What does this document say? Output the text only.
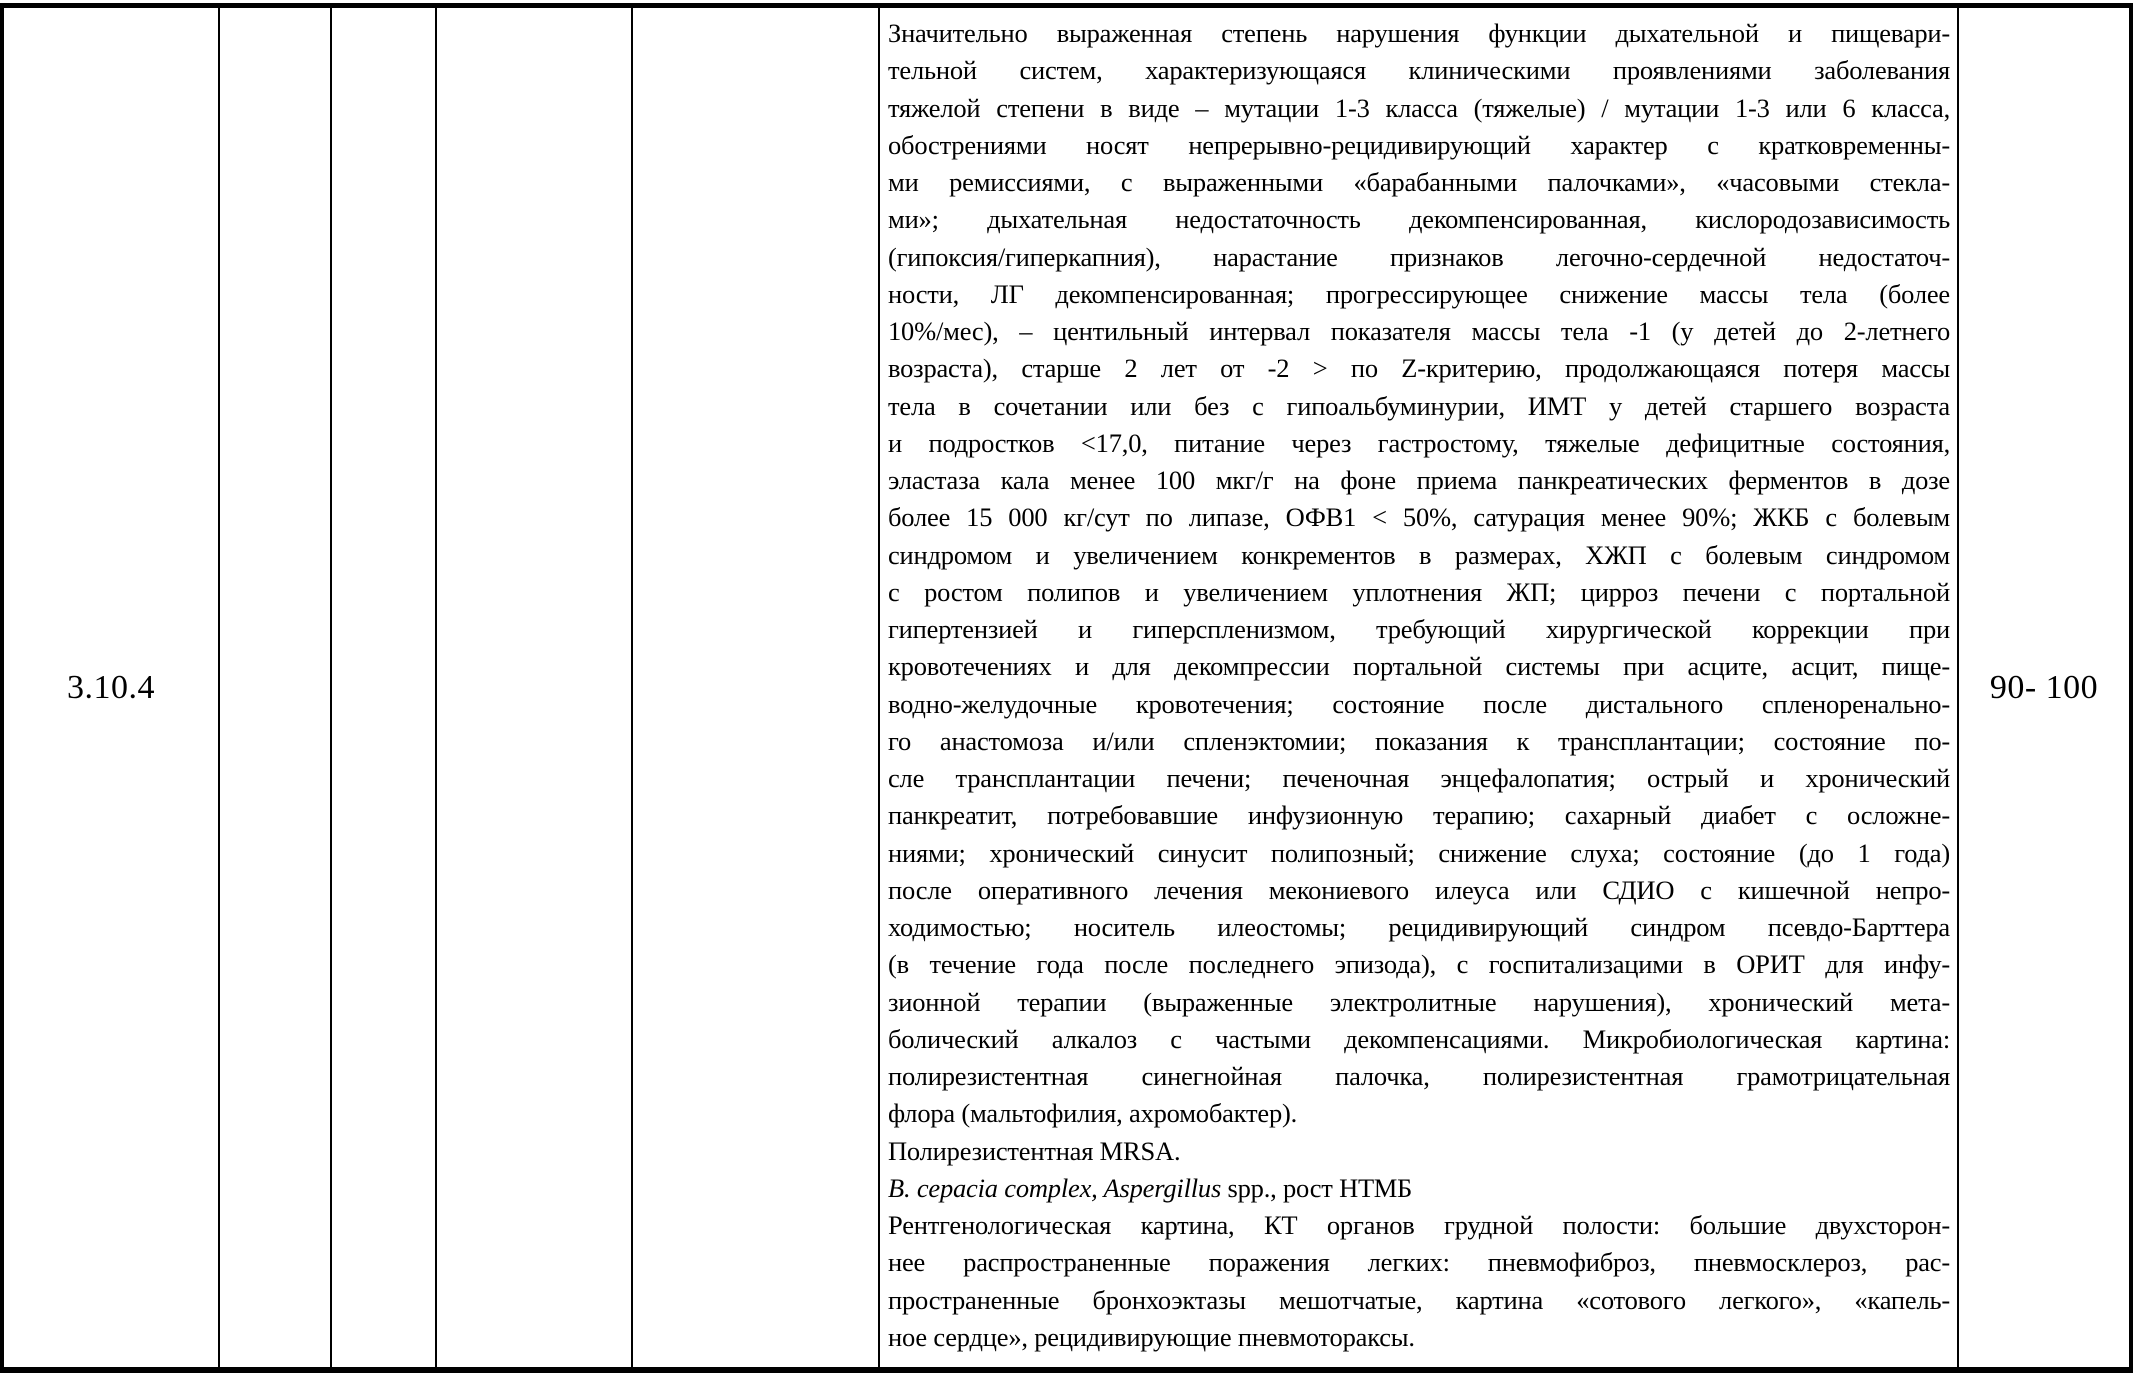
3.10.4
Значительно выраженная степень нарушения функции дыхательной и пищевари-
тельной систем, характеризующаяся клиническими проявлениями заболевания
тяжелой степени в виде – мутации 1-3 класса (тяжелые) / мутации 1-3 или 6 класса,
обострениями носят непрерывно-рецидивирующий характер с кратковременны-
ми ремиссиями, с выраженными «барабанными палочками», «часовыми стекла-
ми»; дыхательная недостаточность декомпенсированная, кислородозависимость
(гипоксия/гиперкапния), нарастание признаков легочно-сердечной недостаточ-
ности, ЛГ декомпенсированная; прогрессирующее снижение массы тела (более
10%/мес), – центильный интервал показателя массы тела -1 (у детей до 2-летнего
возраста), старше 2 лет от -2 > по Z-критерию, продолжающаяся потеря массы
тела в сочетании или без с гипоальбуминурии, ИМТ у детей старшего возраста
и подростков <17,0, питание через гастростому, тяжелые дефицитные состояния,
эластаза кала менее 100 мкг/г на фоне приема панкреатических ферментов в дозе
более 15 000 кг/сут по липазе, ОФВ1 < 50%, сатурация менее 90%; ЖКБ с болевым
синдромом и увеличением конкрементов в размерах, ХЖП с болевым синдромом
с ростом полипов и увеличением уплотнения ЖП; цирроз печени с портальной
гипертензией и гиперспленизмом, требующий хирургической коррекции при
кровотечениях и для декомпрессии портальной системы при асците, асцит, пище-
водно-желудочные кровотечения; состояние после дистального спленоренально-
го анастомоза и/или спленэктомии; показания к трансплантации; состояние по-
сле трансплантации печени; печеночная энцефалопатия; острый и хронический
панкреатит, потребовавшие инфузионную терапию; сахарный диабет с осложне-
ниями; хронический синусит полипозный; снижение слуха; состояние (до 1 года)
после оперативного лечения мекониевого илеуса или СДИО с кишечной непро-
ходимостью; носитель илеостомы; рецидивирующий синдром псевдо-Барттера
(в течение года после последнего эпизода), с госпитализацими в ОРИТ для инфу-
зионной терапии (выраженные электролитные нарушения), хронический мета-
болический алкалоз с частыми декомпенсациями. Микробиологическая картина:
полирезистентная синегнойная палочка, полирезистентная грамотрицательная
флора (мальтофилия, ахромобактер).
Полирезистентная MRSA.
B. cepacia complex, Aspergillus spp., рост НТМБ
Рентгенологическая картина, КТ органов грудной полости: большие двухсторон-
нее распространенные поражения легких: пневмофиброз, пневмосклероз, рас-
пространенные бронхоэктазы мешотчатые, картина «сотового легкого», «капель-
ное сердце», рецидивирующие пневмотораксы.
90- 100
